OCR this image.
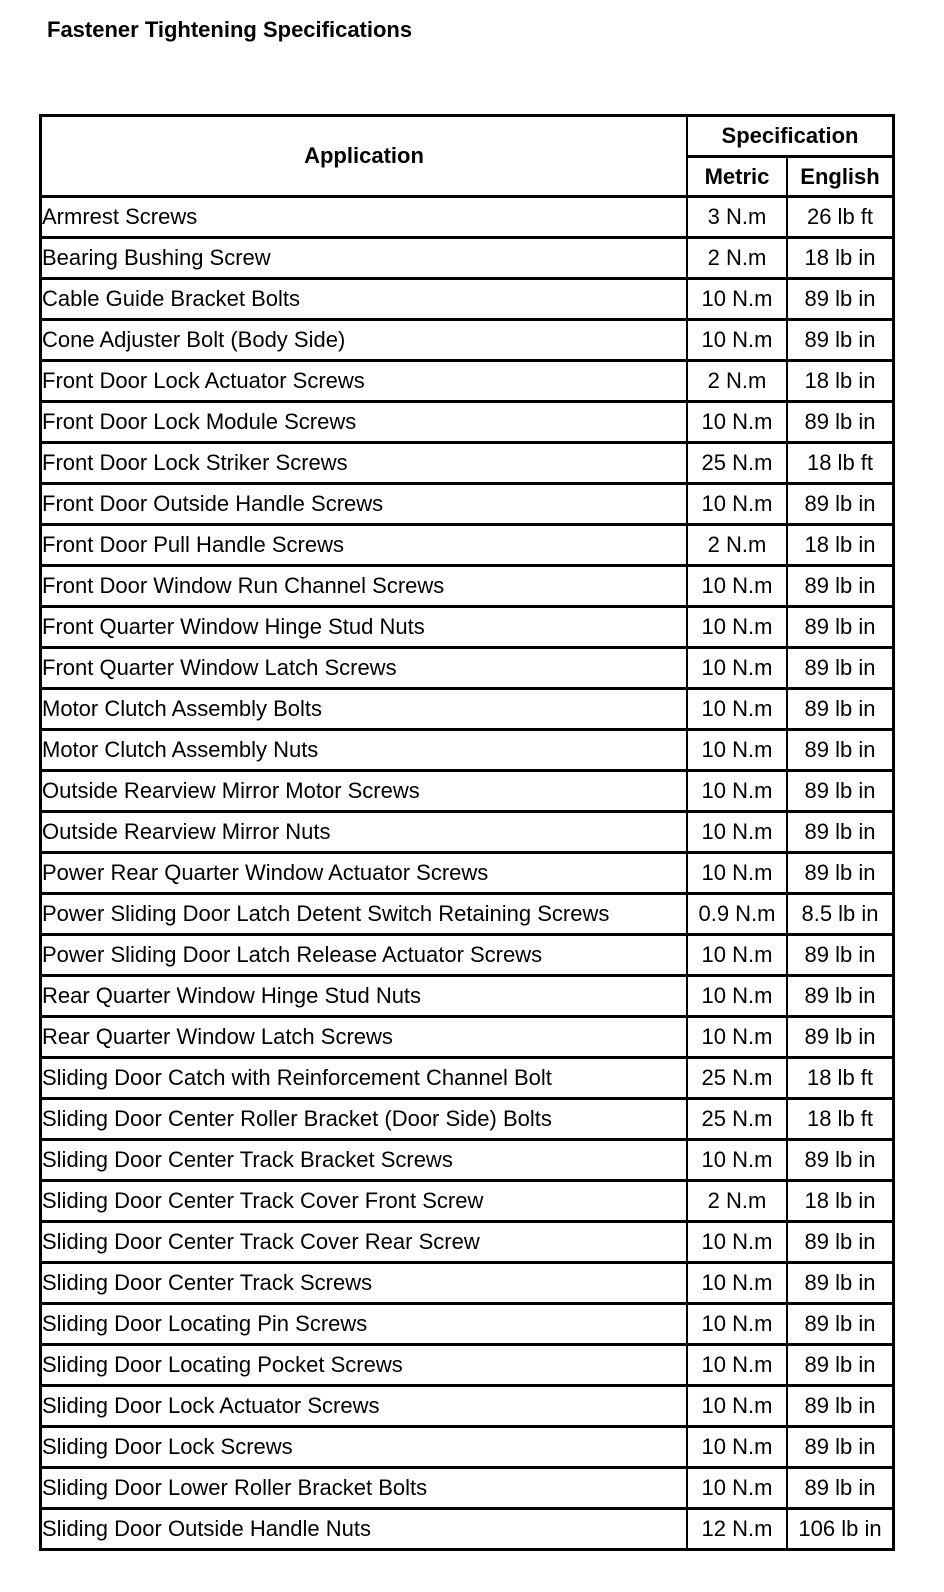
Fastener Tightening Specifications
Application	Specification	
	Metric	English
Armrest Screws	3 N.m	26 lb ft
Bearing Bushing Screw	2 N.m	18 lb in
Cable Guide Bracket Bolts	10 N.m	89 lb in
Cone Adjuster Bolt (Body Side)	10 N.m	89 lb in
Front Door Lock Actuator Screws	2 N.m	18 lb in
Front Door Lock Module Screws	10 N.m	89 lb in
Front Door Lock Striker Screws	25 N.m	18 lb ft
Front Door Outside Handle Screws	10 N.m	89 lb in
Front Door Pull Handle Screws	2 N.m	18 lb in
Front Door Window Run Channel Screws	10 N.m	89 lb in
Front Quarter Window Hinge Stud Nuts	10 N.m	89 lb in
Front Quarter Window Latch Screws	10 N.m	89 lb in
Motor Clutch Assembly Bolts	10 N.m	89 lb in
Motor Clutch Assembly Nuts	10 N.m	89 lb in
Outside Rearview Mirror Motor Screws	10 N.m	89 lb in
Outside Rearview Mirror Nuts	10 N.m	89 lb in
Power Rear Quarter Window Actuator Screws	10 N.m	89 lb in
Power Sliding Door Latch Detent Switch Retaining Screws	0.9 N.m	8.5 lb in
Power Sliding Door Latch Release Actuator Screws	10 N.m	89 lb in
Rear Quarter Window Hinge Stud Nuts	10 N.m	89 lb in
Rear Quarter Window Latch Screws	10 N.m	89 lb in
Sliding Door Catch with Reinforcement Channel Bolt	25 N.m	18 lb ft
Sliding Door Center Roller Bracket (Door Side) Bolts	25 N.m	18 lb ft
Sliding Door Center Track Bracket Screws	10 N.m	89 lb in
Sliding Door Center Track Cover Front Screw	2 N.m	18 lb in
Sliding Door Center Track Cover Rear Screw	10 N.m	89 lb in
Sliding Door Center Track Screws	10 N.m	89 lb in
Sliding Door Locating Pin Screws	10 N.m	89 lb in
Sliding Door Locating Pocket Screws	10 N.m	89 lb in
Sliding Door Lock Actuator Screws	10 N.m	89 lb in
Sliding Door Lock Screws	10 N.m	89 lb in
Sliding Door Lower Roller Bracket Bolts	10 N.m	89 lb in
Sliding Door Outside Handle Nuts	12 N.m	106 lb in
